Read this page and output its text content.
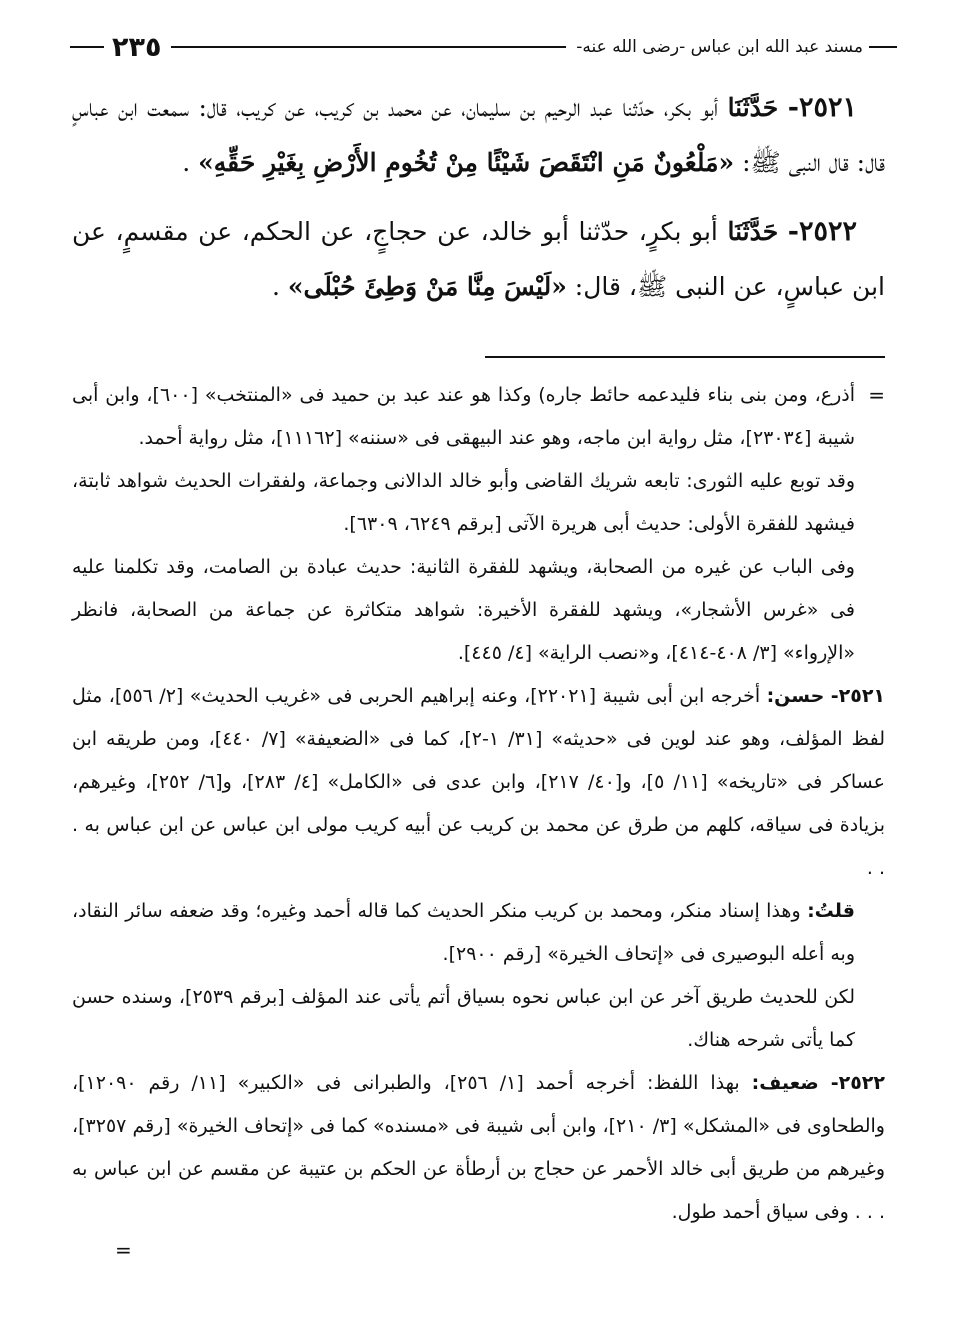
مسند عبد الله ابن عباس -رضى الله عنه-
٢٣٥

٢٥٢١- حَدَّثَنَا أبو بكر، حدّثنا عبد الرحيم بن سليمان، عن محمد بن كريب، عن كريب، قال: سمعت ابن عباسٍ قال: قال النبى ﷺ: «مَلْعُونٌ مَنِ انْتَقَصَ شَيْئًا مِنْ تُخُومِ الأَرْضِ بِغَيْرِ حَقِّهِ» .

٢٥٢٢- حَدَّثَنَا أبو بكرٍ، حدّثنا أبو خالد، عن حجاجٍ، عن الحكم، عن مقسمٍ، عن ابن عباسٍ، عن النبى ﷺ، قال: «لَيْسَ مِنَّا مَنْ وَطِئَ حُبْلَى» .

=
أذرع، ومن بنى بناء فليدعمه حائط جاره) وكذا هو عند عبد بن حميد فى «المنتخب» [٦٠٠]، وابن أبى شيبة [٢٣٠٣٤]، مثل رواية ابن ماجه، وهو عند البيهقى فى «سننه» [١١١٦٢]، مثل رواية أحمد.

وقد توبع عليه الثورى: تابعه شريك القاضى وأبو خالد الدالانى وجماعة، ولفقرات الحديث شواهد ثابتة، فيشهد للفقرة الأولى: حديث أبى هريرة الآتى [برقم ٦٢٤٩، ٦٣٠٩].

وفى الباب عن غيره من الصحابة، ويشهد للفقرة الثانية: حديث عبادة بن الصامت، وقد تكلمنا عليه فى «غرس الأشجار»، ويشهد للفقرة الأخيرة: شواهد متكاثرة عن جماعة من الصحابة، فانظر «الإرواء» [٣/ ٤٠٨-٤١٤]، و«نصب الراية» [٤/ ٤٤٥].

٢٥٢١- حسن: أخرجه ابن أبى شيبة [٢٢٠٢١]، وعنه إبراهيم الحربى فى «غريب الحديث» [٢/ ٥٥٦]، مثل لفظ المؤلف، وهو عند لوين فى «حديثه» [٣١/ ١-٢]، كما فى «الضعيفة» [٧/ ٤٤٠]، ومن طريقه ابن عساكر فى «تاريخه» [١١/ ٥]، و[٤٠/ ٢١٧]، وابن عدى فى «الكامل» [٤/ ٢٨٣]، و[٦/ ٢٥٢]، وغيرهم، بزيادة فى سياقه، كلهم من طرق عن محمد بن كريب عن أبيه كريب مولى ابن عباس عن ابن عباس به . . .

قلتُ: وهذا إسناد منكر، ومحمد بن كريب منكر الحديث كما قاله أحمد وغيره؛ وقد ضعفه سائر النقاد، وبه أعله البوصيرى فى «إتحاف الخيرة» [رقم ٢٩٠٠].

لكن للحديث طريق آخر عن ابن عباس نحوه بسياق أتم يأتى عند المؤلف [برقم ٢٥٣٩]، وسنده حسن كما يأتى شرحه هناك.

٢٥٢٢- ضعيف: بهذا اللفظ: أخرجه أحمد [١/ ٢٥٦]، والطبرانى فى «الكبير» [١١/ رقم ١٢٠٩٠]، والطحاوى فى «المشكل» [٣/ ٢١٠]، وابن أبى شيبة فى «مسنده» كما فى «إتحاف الخيرة» [رقم ٣٢٥٧]، وغيرهم من طريق أبى خالد الأحمر عن حجاج بن أرطأة عن الحكم بن عتيبة عن مقسم عن ابن عباس به . . . وفى سياق أحمد طول.

=
